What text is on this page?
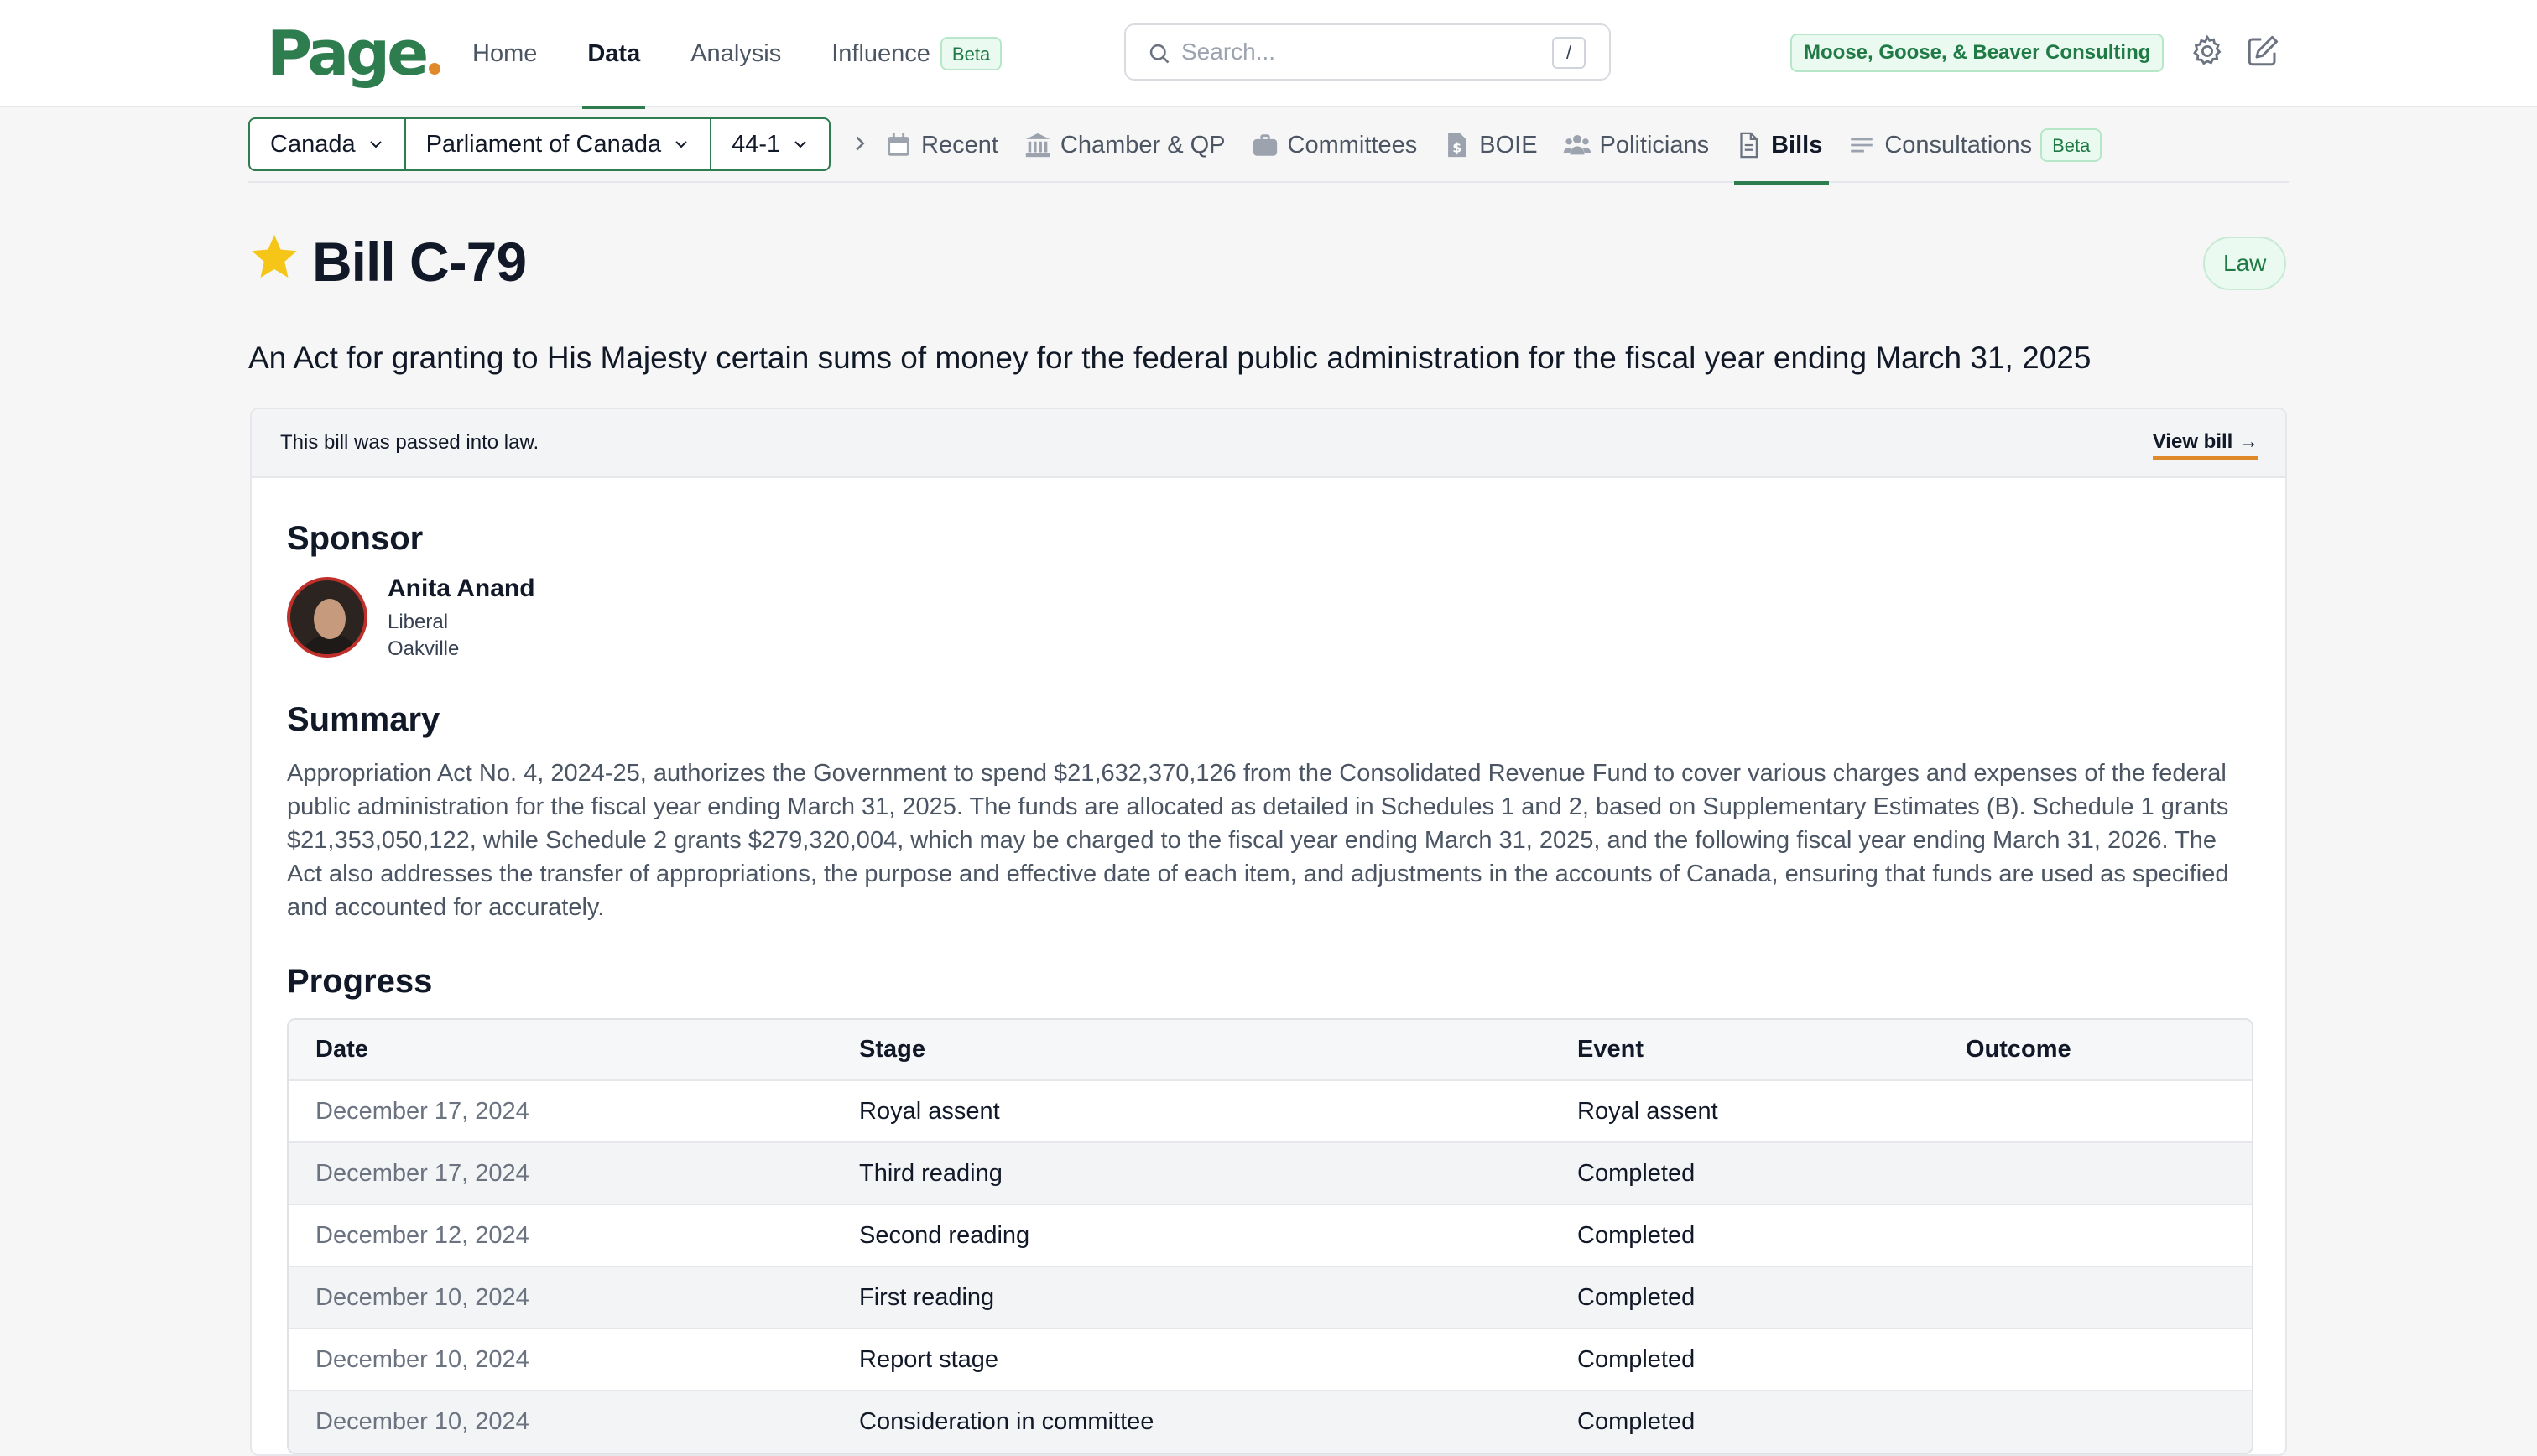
Page	Home Data Analysis Influence	Beta	Search...	/	Moose, Goose, & Beaver Consulting
Canada	Parliament of Canada	44-1	Recent	Chamber & QP	Committees	$ BOIE	Politicians	Bills	Consultations	Beta
Bill C-79	Law
An Act for granting to His Majesty certain sums of money for the federal public administration for the fiscal year ending March 31, 2025
This bill was passed into law.	View bill →
Sponsor
Anita Anand
Liberal
Oakville
Summary
Appropriation Act No. 4, 2024-25, authorizes the Government to spend $21,632,370,126 from the Consolidated Revenue Fund to cover various charges and expenses of the federal public administration for the fiscal year ending March 31, 2025. The funds are allocated as detailed in Schedules 1 and 2, based on Supplementary Estimates (B). Schedule 1 grants $21,353,050,122, while Schedule 2 grants $279,320,004, which may be charged to the fiscal year ending March 31, 2025, and the following fiscal year ending March 31, 2026. The Act also addresses the transfer of appropriations, the purpose and effective date of each item, and adjustments in the accounts of Canada, ensuring that funds are used as specified and accounted for accurately.
Progress
Date	Stage	Event	Outcome
December 17, 2024	Royal assent	Royal assent	
December 17, 2024	Third reading	Completed	
December 12, 2024	Second reading	Completed	
December 10, 2024	First reading	Completed	
December 10, 2024	Report stage	Completed	
December 10, 2024	Consideration in committee	Completed	
